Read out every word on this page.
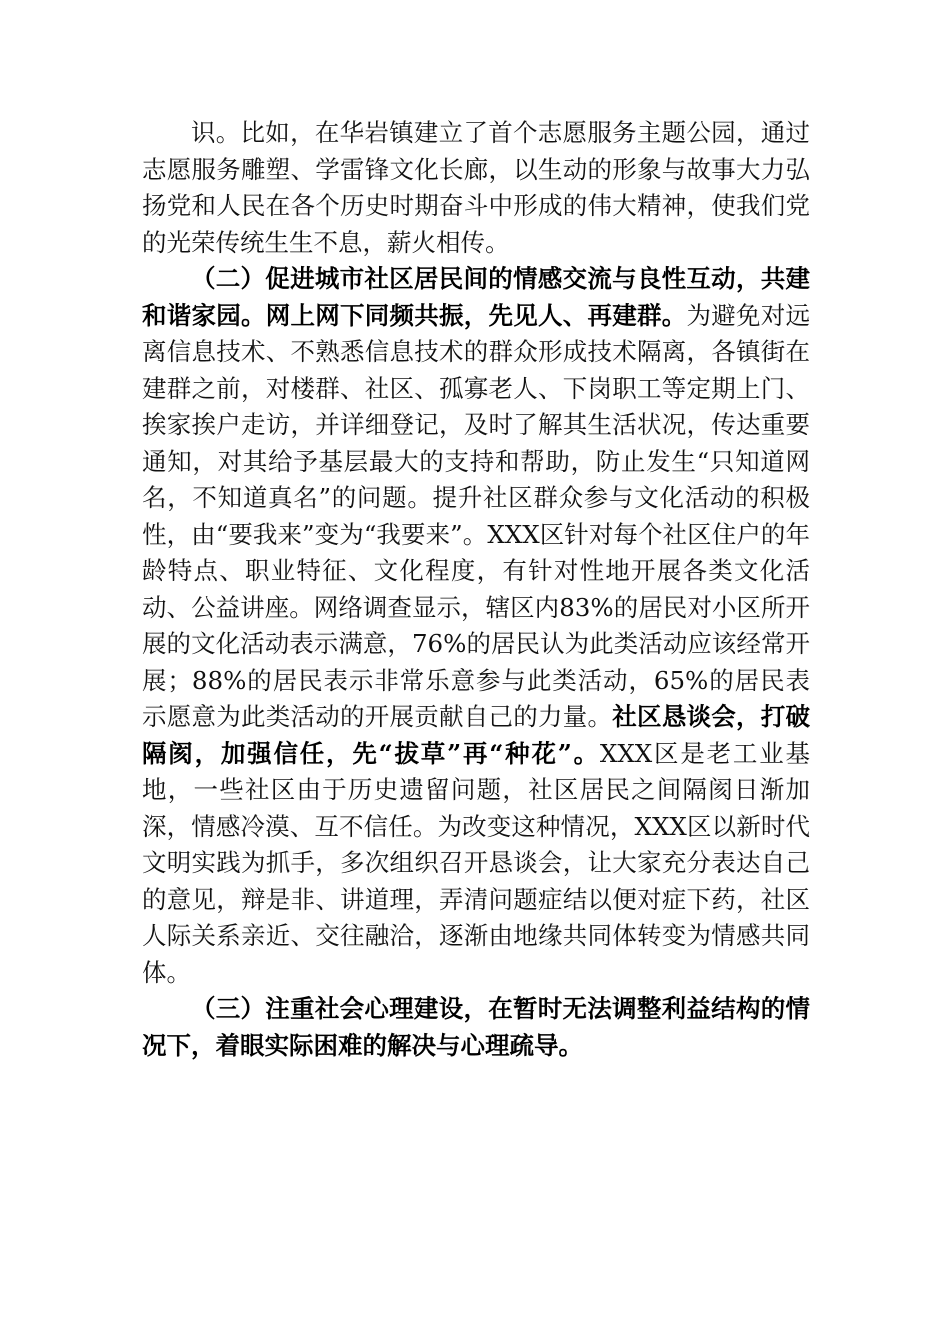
识。比如，在华岩镇建立了首个志愿服务主题公园，通过志愿服务雕塑、学雷锋文化长廊，以生动的形象与故事大力弘扬党和人民在各个历史时期奋斗中形成的伟大精神，使我们党的光荣传统生生不息，薪火相传。

（二）促进城市社区居民间的情感交流与良性互动，共建和谐家园。网上网下同频共振，先见人、再建群。为避免对远离信息技术、不熟悉信息技术的群众形成技术隔离，各镇街在建群之前，对楼群、社区、孤寡老人、下岗职工等定期上门、挨家挨户走访，并详细登记，及时了解其生活状况，传达重要通知，对其给予基层最大的支持和帮助，防止发生“只知道网名，不知道真名”的问题。提升社区群众参与文化活动的积极性，由“要我来”变为“我要来”。XXX区针对每个社区住户的年龄特点、职业特征、文化程度，有针对性地开展各类文化活动、公益讲座。网络调查显示，辖区内83%的居民对小区所开展的文化活动表示满意，76%的居民认为此类活动应该经常开展；88%的居民表示非常乐意参与此类活动，65%的居民表示愿意为此类活动的开展贡献自己的力量。社区恳谈会，打破隔阂，加强信任，先“拔草”再“种花”。XXX区是老工业基地，一些社区由于历史遗留问题，社区居民之间隔阂日渐加深，情感冷漠、互不信任。为改变这种情况，XXX区以新时代文明实践为抓手，多次组织召开恳谈会，让大家充分表达自己的意见，辩是非、讲道理，弄清问题症结以便对症下药，社区人际关系亲近、交往融洽，逐渐由地缘共同体转变为情感共同体。

（三）注重社会心理建设，在暂时无法调整利益结构的情况下，着眼实际困难的解决与心理疏导。
